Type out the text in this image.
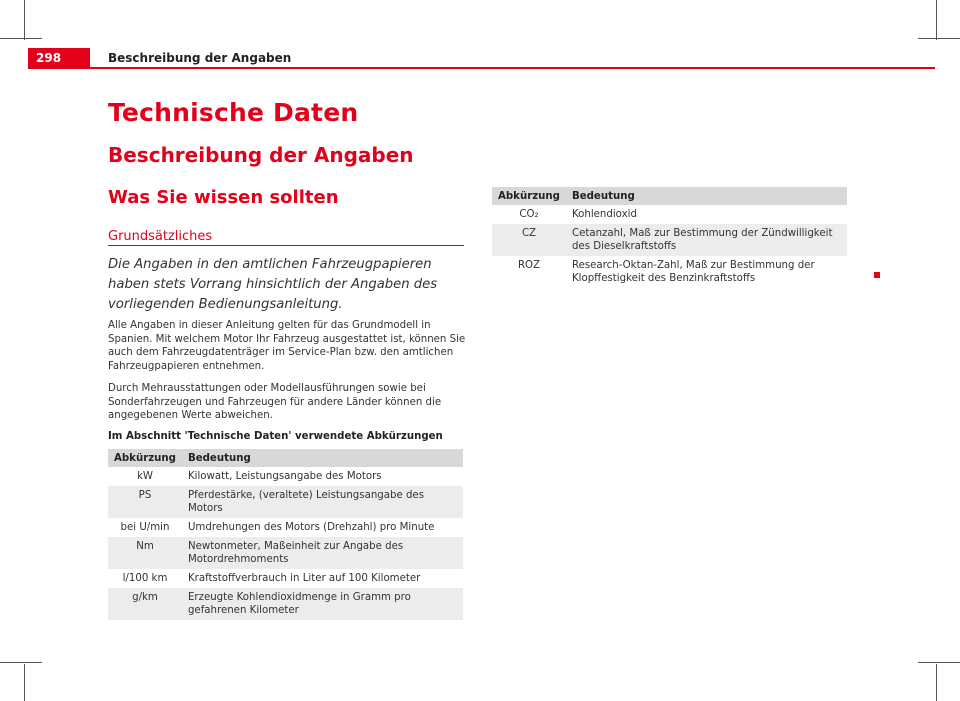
298	Beschreibung der Angaben
Technische Daten
Beschreibung der Angaben
Was Sie wissen sollten
Grundsätzliches
Die Angaben in den amtlichen Fahrzeugpapieren haben stets Vorrang hinsichtlich der Angaben des vorliegenden Bedienungsanleitung.
Alle Angaben in dieser Anleitung gelten für das Grundmodell in Spanien. Mit welchem Motor Ihr Fahrzeug ausgestattet ist, können Sie auch dem Fahrzeugdatenträger im Service-Plan bzw. den amtlichen Fahrzeugpapieren entnehmen.
Durch Mehrausstattungen oder Modellausführungen sowie bei Sonderfahrzeugen und Fahrzeugen für andere Länder können die angegebenen Werte abweichen.
Im Abschnitt 'Technische Daten' verwendete Abkürzungen
Abkürzung	Bedeutung
kW	Kilowatt, Leistungsangabe des Motors
PS	Pferdestärke, (veraltete) Leistungsangabe des Motors
bei U/min	Umdrehungen des Motors (Drehzahl) pro Minute
Nm	Newtonmeter, Maßeinheit zur Angabe des Motordrehmoments
l/100 km	Kraftstoffverbrauch in Liter auf 100 Kilometer
g/km	Erzeugte Kohlendioxidmenge in Gramm pro gefahrenen Kilometer
Abkürzung	Bedeutung
CO₂	Kohlendioxid
CZ	Cetanzahl, Maß zur Bestimmung der Zündwilligkeit des Dieselkraftstoffs
ROZ	Research-Oktan-Zahl, Maß zur Bestimmung der Klopffestigkeit des Benzinkraftstoffs
